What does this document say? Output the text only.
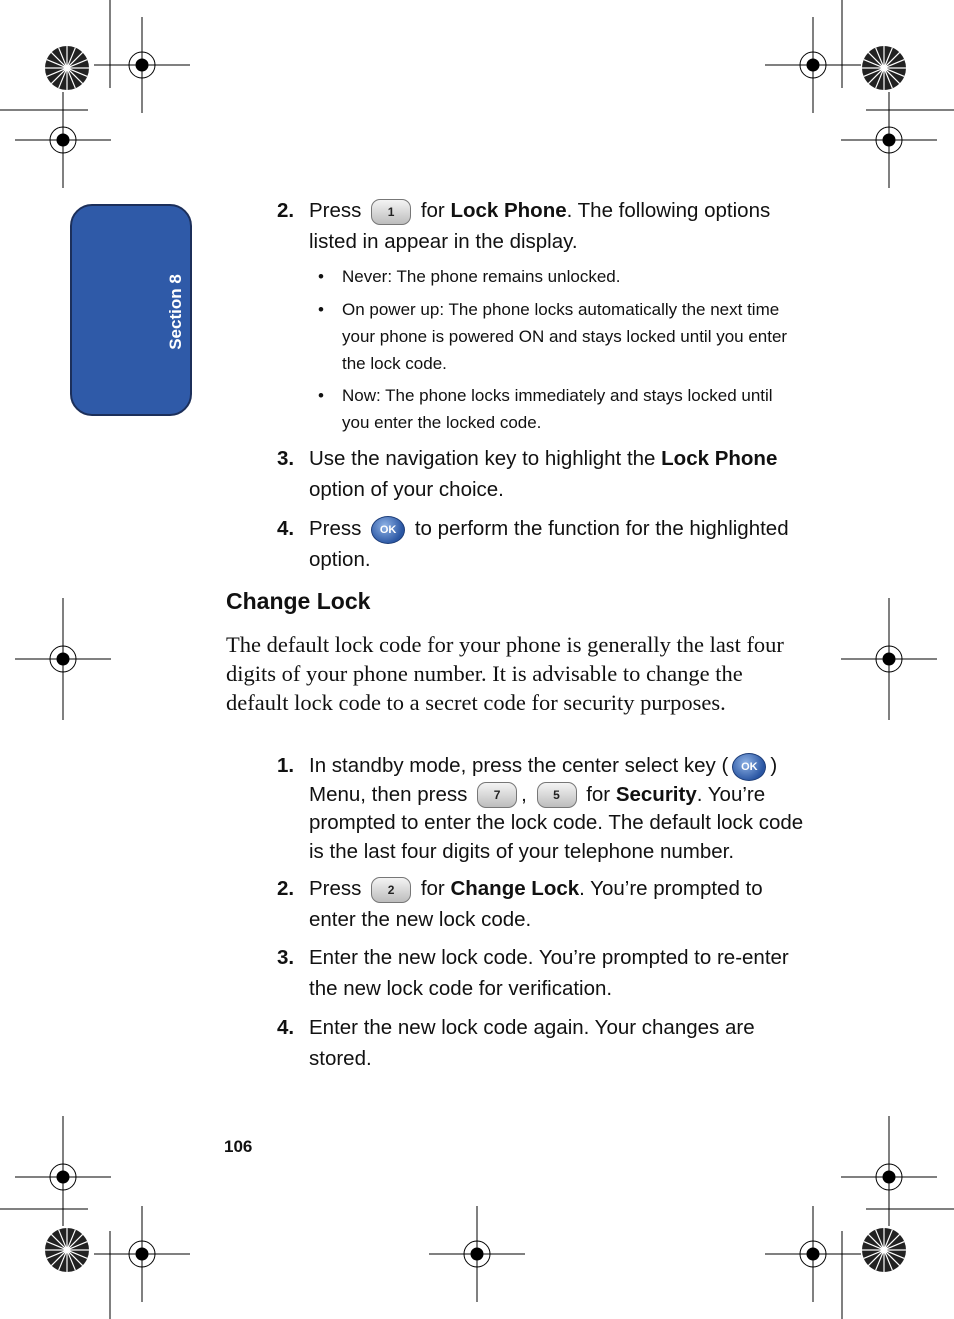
Section 8
2. Press 1 for Lock Phone. The following options listed in appear in the display.
• Never: The phone remains unlocked.
• On power up: The phone locks automatically the next time your phone is powered ON and stays locked until you enter the lock code.
• Now: The phone locks immediately and stays locked until you enter the locked code.
3. Use the navigation key to highlight the Lock Phone option of your choice.
4. Press OK to perform the function for the highlighted option.
Change Lock
The default lock code for your phone is generally the last four digits of your phone number. It is advisable to change the default lock code to a secret code for security purposes.
1. In standby mode, press the center select key ( OK ) Menu, then press 7 , 5 for Security. You’re prompted to enter the lock code. The default lock code is the last four digits of your telephone number.
2. Press 2 for Change Lock. You’re prompted to enter the new lock code.
3. Enter the new lock code. You’re prompted to re-enter the new lock code for verification.
4. Enter the new lock code again. Your changes are stored.
106
